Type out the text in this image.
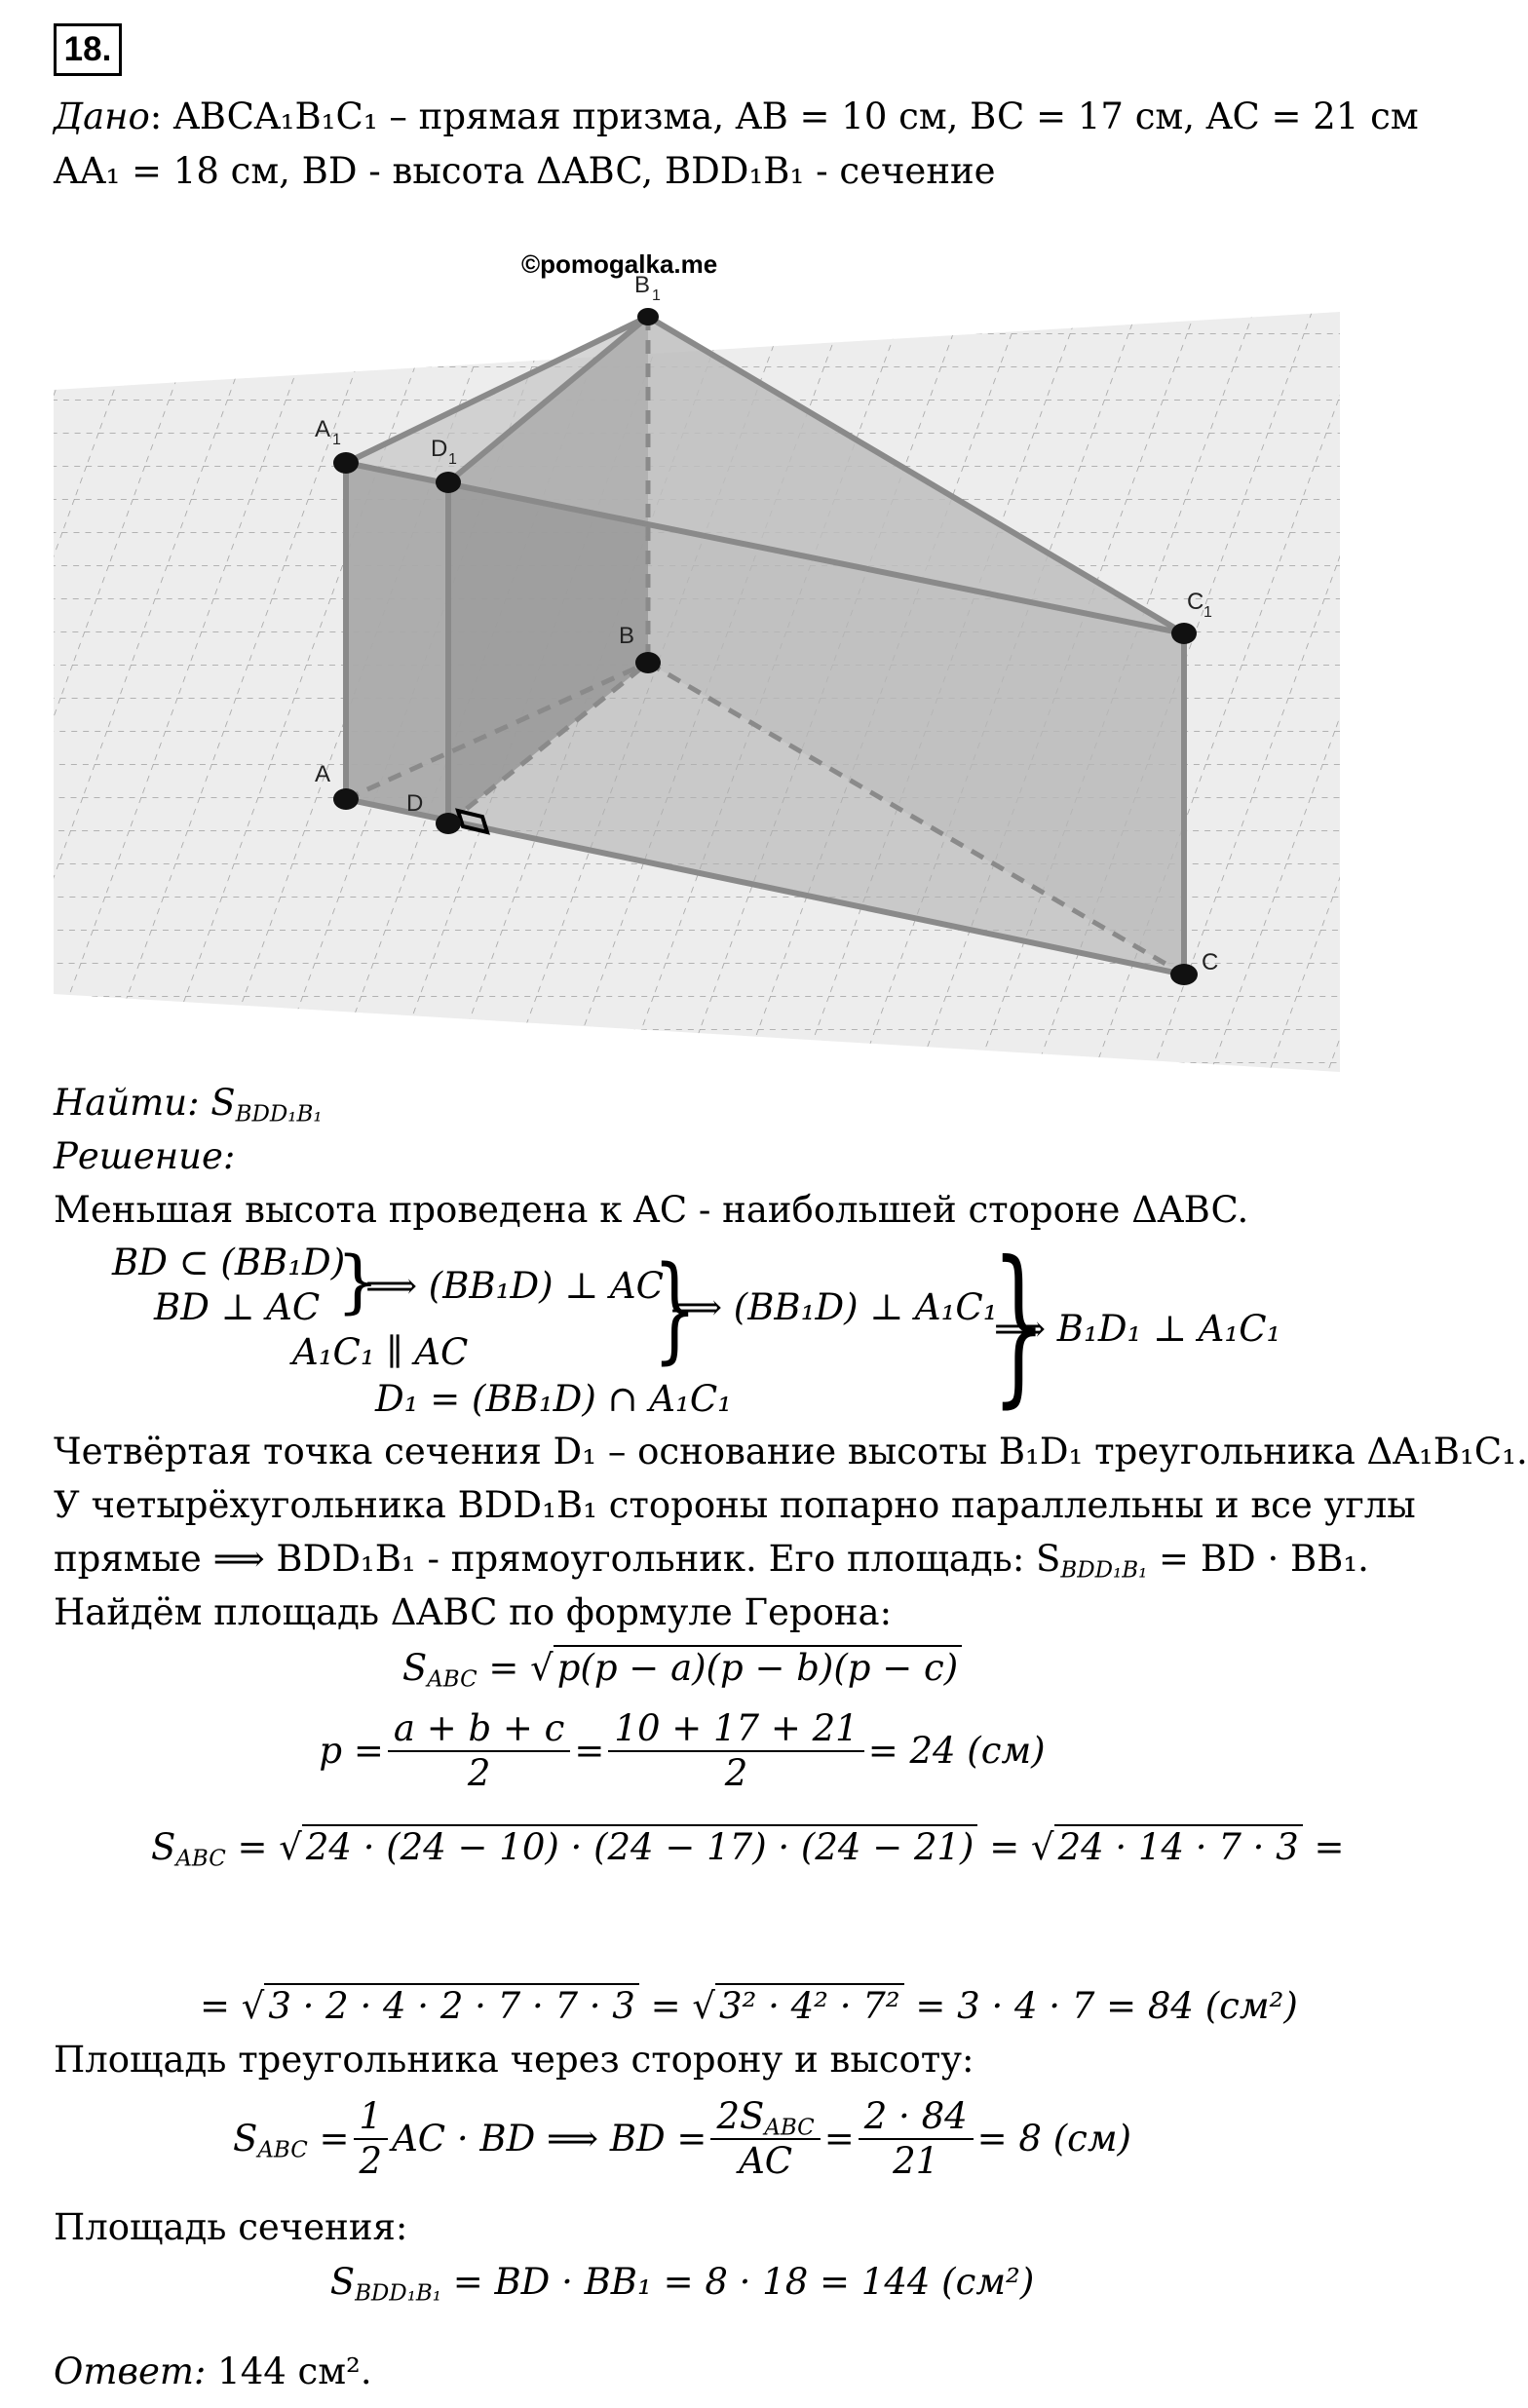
18.
Дано: ABCA₁B₁C₁ – прямая призма, AB = 10 см, BC = 17 см, AC = 21 см
AA₁ = 18 см, BD - высота ΔABC, BDD₁B₁ - сечение
A 1	D 1
B 1
C 1
B
A
D
C
©pomogalka.me
Найти: $S_{BDD_1B_1}$
Решение:
Меньшая высота проведена к AC - наибольшей стороне ΔABC.
BD ⊂ (BB₁D)
BD ⊥ AC }
⟹ (BB₁D) ⊥ AC
A₁C₁ ∥ AC }
⟹ (BB₁D) ⊥ A₁C₁
D₁ = (BB₁D) ∩ A₁C₁ }
⟹ B₁D₁ ⊥ A₁C₁
Четвёртая точка сечения D₁ – основание высоты B₁D₁ треугольника ΔA₁B₁C₁.
У четырёхугольника BDD₁B₁ стороны попарно параллельны и все углы
прямые ⟹ BDD₁B₁ - прямоугольник. Его площадь: $S_{BDD_1B_1}$ = BD · BB₁.
Найдём площадь ΔABC по формуле Герона:
$S_{ABC}$ = √ p(p − a)(p − b)(p − c)
$p = \frac{a + b + c}{2} = \frac{10 + 17 + 21}{2} = 24$ (см)
$S_{ABC}$ = √ 24 · (24 − 10) · (24 − 17) · (24 − 21) = √ 24 · 14 · 7 · 3 =
= √ 3 · 2 · 4 · 2 · 7 · 7 · 3 = √ 3² · 4² · 7² = 3 · 4 · 7 = 84 (см²)
Площадь треугольника через сторону и высоту:
$S_{ABC} = \frac{1}{2}$ AC · BD ⟹ BD = $\frac{2S_{ABC}}{AC} = \frac{2 \cdot 84}{21} = 8$ (см)
Площадь сечения:
$S_{BDD_1B_1}$ = BD · BB₁ = 8 · 18 = 144 (см²)
Ответ: 144 см².
